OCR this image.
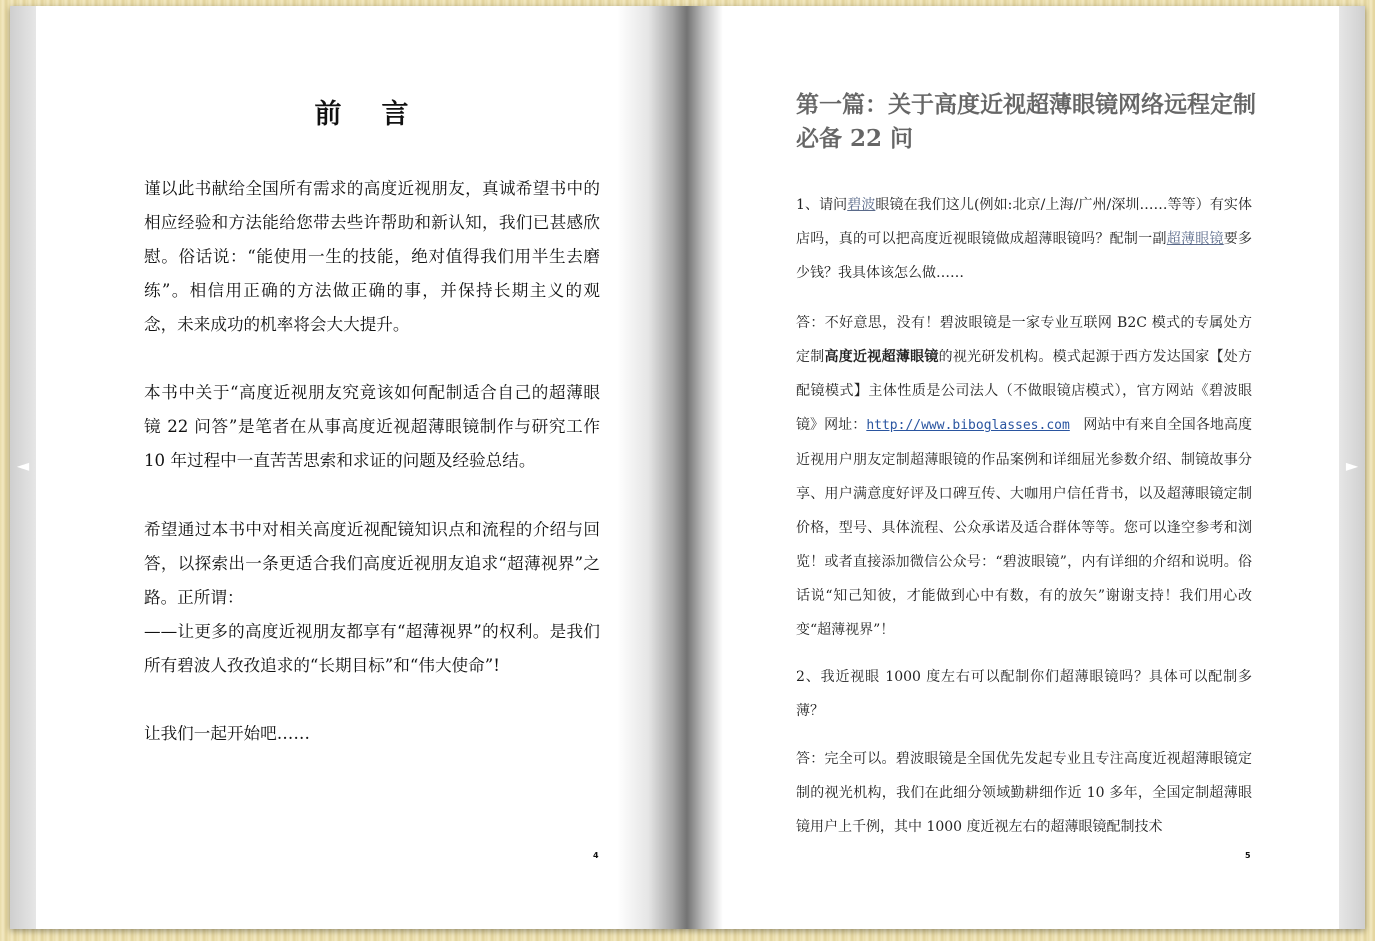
◄
前 言
谨以此书献给全国所有需求的高度近视朋友，真诚希望书中的相应经验和方法能给您带去些许帮助和新认知，我们已甚感欣慰。俗话说：“能使用一生的技能，绝对值得我们用半生去磨练”。相信用正确的方法做正确的事，并保持长期主义的观念，未来成功的机率将会大大提升。
本书中关于“高度近视朋友究竟该如何配制适合自己的超薄眼镜 22 问答”是笔者在从事高度近视超薄眼镜制作与研究工作 10 年过程中一直苦苦思索和求证的问题及经验总结。
希望通过本书中对相关高度近视配镜知识点和流程的介绍与回答，以探索出一条更适合我们高度近视朋友追求“超薄视界”之路。正所谓：
——让更多的高度近视朋友都享有“超薄视界”的权利。是我们所有碧波人孜孜追求的“长期目标”和“伟大使命”!
让我们一起开始吧……
4
第一篇：关于高度近视超薄眼镜网络远程定制必备 22 问
1、请问碧波眼镜在我们这儿(例如:北京/上海/广州/深圳……等等）有实体店吗，真的可以把高度近视眼镜做成超薄眼镜吗？配制一副超薄眼镜要多少钱？我具体该怎么做……
答：不好意思，没有！碧波眼镜是一家专业互联网 B2C 模式的专属处方定制高度近视超薄眼镜的视光研发机构。模式起源于西方发达国家【处方配镜模式】主体性质是公司法人（不做眼镜店模式），官方网站《碧波眼镜》网址：http://www.biboglasses.com   网站中有来自全国各地高度近视用户朋友定制超薄眼镜的作品案例和详细屈光参数介绍、制镜故事分享、用户满意度好评及口碑互传、大咖用户信任背书，以及超薄眼镜定制价格，型号、具体流程、公众承诺及适合群体等等。您可以逢空参考和浏览！或者直接添加微信公众号：“碧波眼镜”，内有详细的介绍和说明。俗话说“知己知彼，才能做到心中有数，有的放矢”谢谢支持！我们用心改变“超薄视界”！
2、我近视眼 1000 度左右可以配制你们超薄眼镜吗？具体可以配制多薄？
答：完全可以。碧波眼镜是全国优先发起专业且专注高度近视超薄眼镜定制的视光机构，我们在此细分领域勤耕细作近 10 多年，全国定制超薄眼镜用户上千例，其中 1000 度近视左右的超薄眼镜配制技术
5
►
